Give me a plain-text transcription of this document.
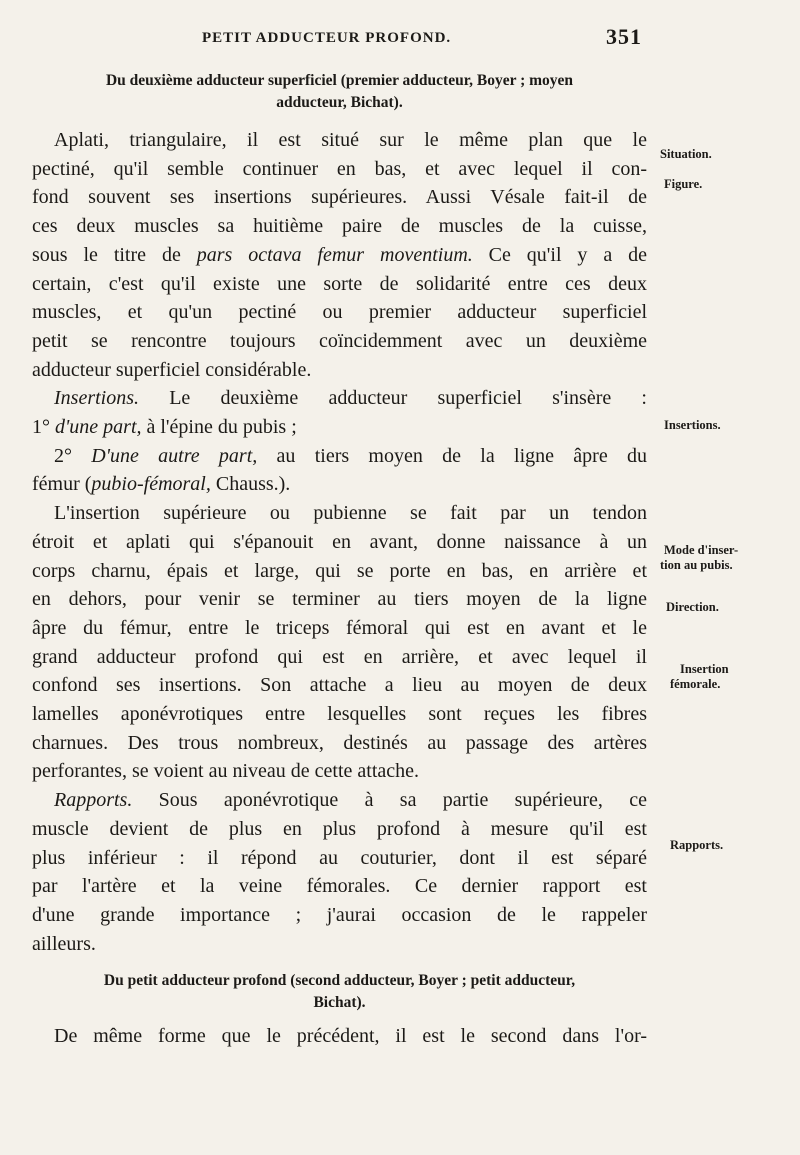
PETIT ADDUCTEUR PROFOND.	351
Du deuxième adducteur superficiel (premier adducteur, Boyer ; moyen
adducteur, Bichat).
Aplati, triangulaire, il est situé sur le même plan que le
pectiné, qu'il semble continuer en bas, et avec lequel il con-
fond souvent ses insertions supérieures. Aussi Vésale fait-il de
ces deux muscles sa huitième paire de muscles de la cuisse,
sous le titre de pars octava femur moventium. Ce qu'il y a de
certain, c'est qu'il existe une sorte de solidarité entre ces deux
muscles, et qu'un pectiné ou premier adducteur superficiel
petit se rencontre toujours coïncidemment avec un deuxième
adducteur superficiel considérable.
Insertions. Le deuxième adducteur superficiel s'insère :
1° d'une part, à l'épine du pubis ;
2° D'une autre part, au tiers moyen de la ligne âpre du
fémur (pubio-fémoral, Chauss.).
L'insertion supérieure ou pubienne se fait par un tendon
étroit et aplati qui s'épanouit en avant, donne naissance à un
corps charnu, épais et large, qui se porte en bas, en arrière et
en dehors, pour venir se terminer au tiers moyen de la ligne
âpre du fémur, entre le triceps fémoral qui est en avant et le
grand adducteur profond qui est en arrière, et avec lequel il
confond ses insertions. Son attache a lieu au moyen de deux
lamelles aponévrotiques entre lesquelles sont reçues les fibres
charnues. Des trous nombreux, destinés au passage des artères
perforantes, se voient au niveau de cette attache.
Rapports. Sous aponévrotique à sa partie supérieure, ce
muscle devient de plus en plus profond à mesure qu'il est
plus inférieur : il répond au couturier, dont il est séparé
par l'artère et la veine fémorales. Ce dernier rapport est
d'une grande importance ; j'aurai occasion de le rappeler
ailleurs.
Du petit adducteur profond (second adducteur, Boyer ; petit adducteur,
Bichat).
De même forme que le précédent, il est le second dans l'or-
Situation.
Figure.
Insertions.
Mode d'inser-
tion au pubis.
Direction.
Insertion
fémorale.
Rapports.
